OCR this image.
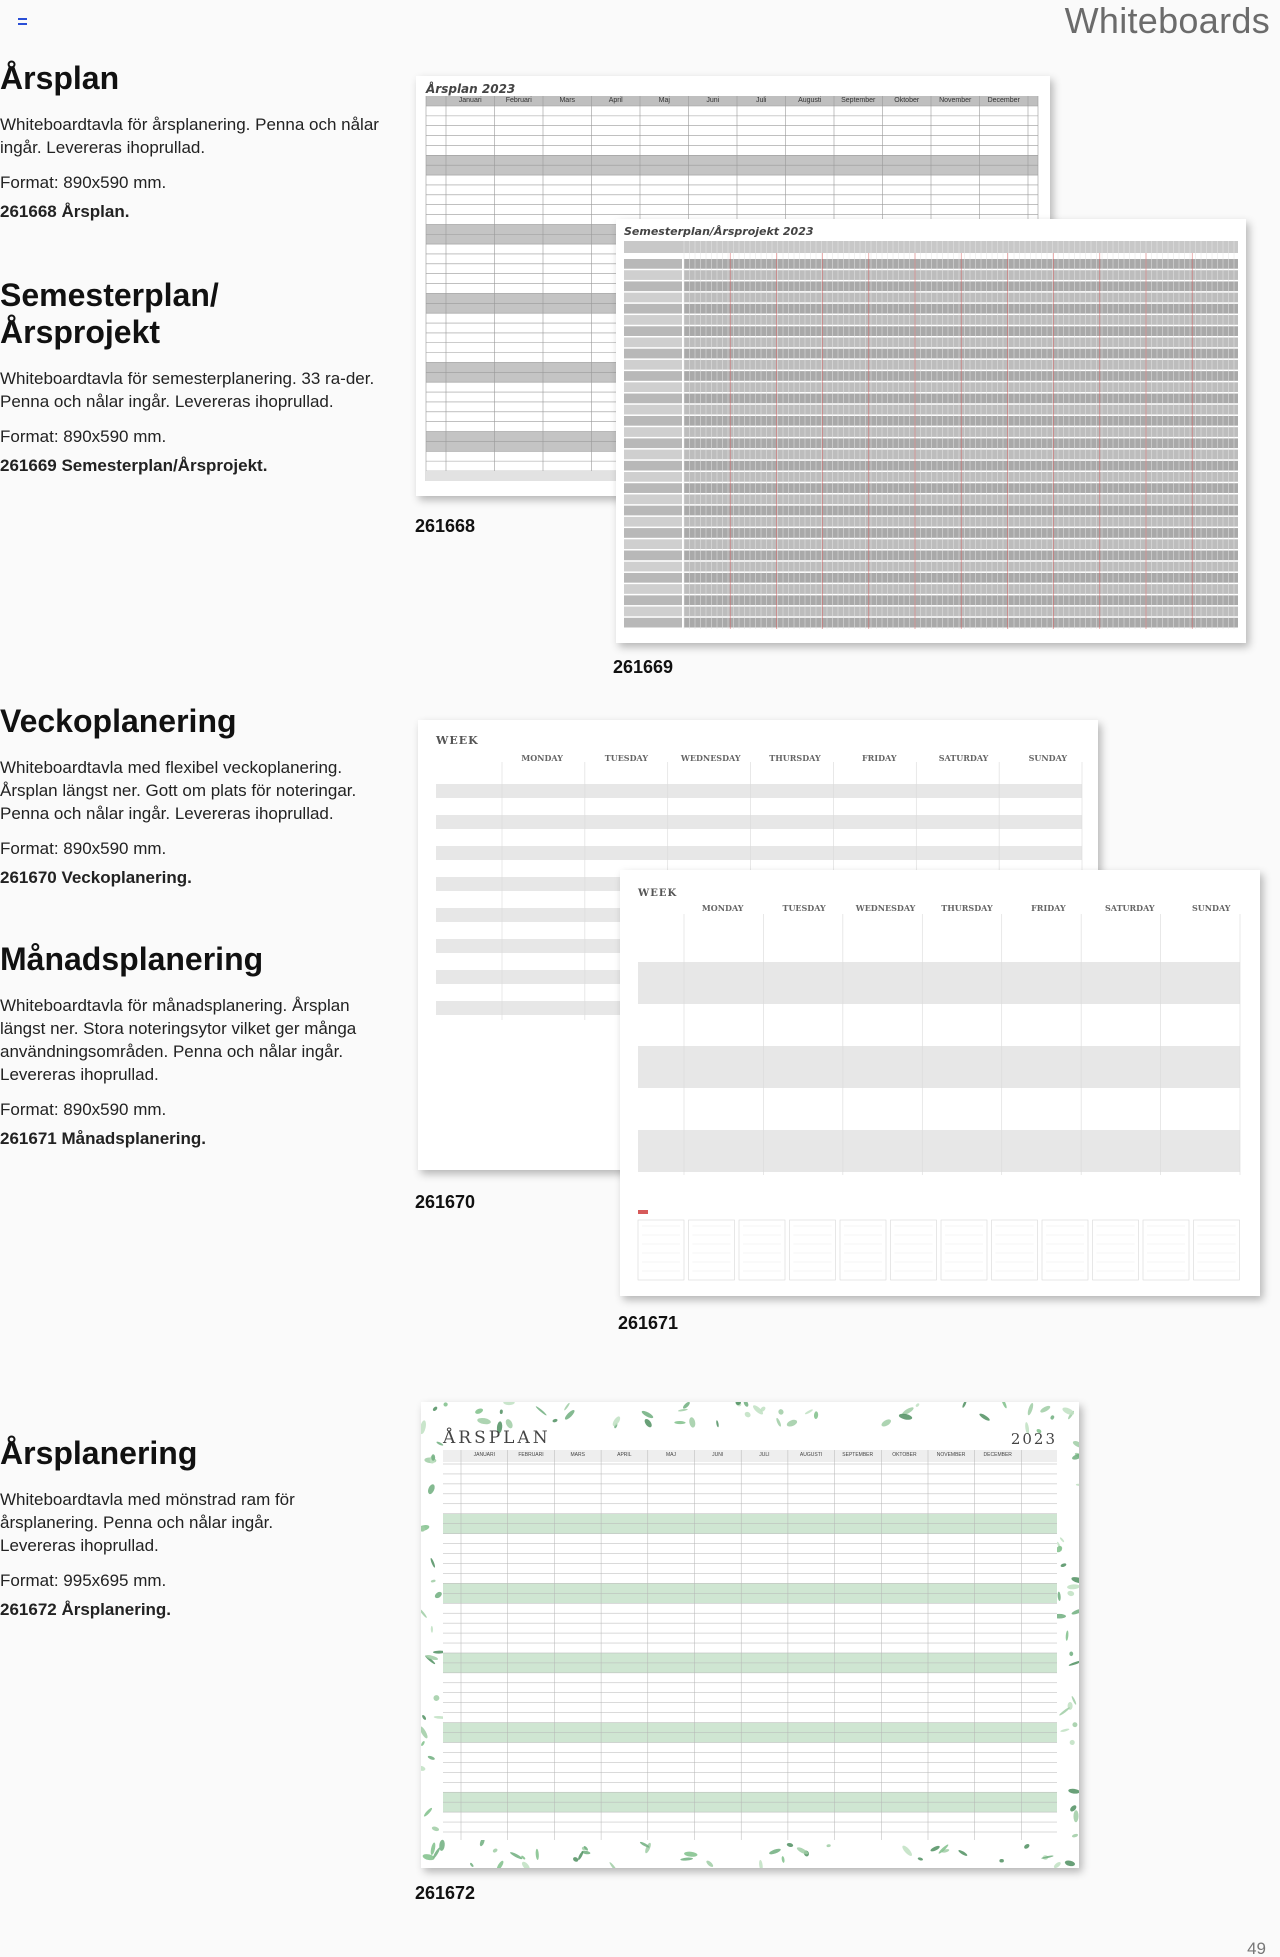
Whiteboards
Årsplan

Whiteboardtavla för årsplanering. Penna och nålar ingår. Levereras ihoprullad.

Format: 890x590 mm.

261668 Årsplan.

Semesterplan/ Årsprojekt

Whiteboardtavla för semesterplanering. 33 ra-der. Penna och nålar ingår. Levereras ihoprullad.

Format: 890x590 mm.

261669 Semesterplan/Årsprojekt.

Veckoplanering

Whiteboardtavla med flexibel veckoplanering. Årsplan längst ner. Gott om plats för noteringar. Penna och nålar ingår. Levereras ihoprullad.

Format: 890x590 mm.

261670 Veckoplanering.

Månadsplanering

Whiteboardtavla för månadsplanering. Årsplan längst ner. Stora noteringsytor vilket ger många användningsområden. Penna och nålar ingår. Levereras ihoprullad.

Format: 890x590 mm.

261671 Månadsplanering.

Årsplanering

Whiteboardtavla med mönstrad ram för årsplanering. Penna och nålar ingår. Levereras ihoprullad.

Format: 995x695 mm.

261672 Årsplanering.

Årsplan 2023
Januari	Februari	Mars	April	Maj	Juni	Juli	Augusti	September	Oktober	November	December
Semesterplan/Årsprojekt 2023
WEEK
MONDAY	TUESDAY	WEDNESDAY	THURSDAY	FRIDAY	SATURDAY	SUNDAY
WEEK
MONDAY	TUESDAY	WEDNESDAY	THURSDAY	FRIDAY	SATURDAY	SUNDAY
ÅRSPLAN	2023
JANUARI	FEBRUARI	MARS	APRIL	MAJ	JUNI	JULI	AUGUSTI	SEPTEMBER	OKTOBER	NOVEMBER	DECEMBER
261668
261669
261670
261671
261672
49
